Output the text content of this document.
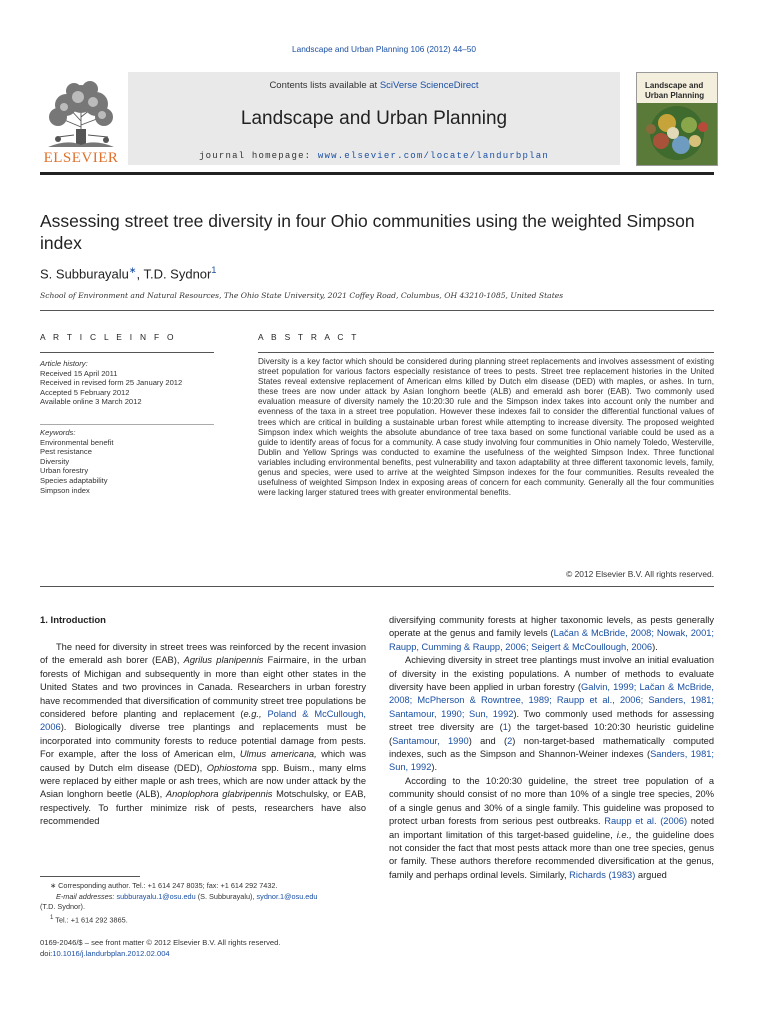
Landscape and Urban Planning 106 (2012) 44–50
Contents lists available at SciVerse ScienceDirect
Landscape and Urban Planning
journal homepage: www.elsevier.com/locate/landurbplan
ELSEVIER
Landscape and Urban Planning
Assessing street tree diversity in four Ohio communities using the weighted Simpson index
S. Subburayalu∗, T.D. Sydnor$^1$
School of Environment and Natural Resources, The Ohio State University, 2021 Coffey Road, Columbus, OH 43210-1085, United States
A R T I C L E I N F O	A B S T R A C T
Article history:
Received 15 April 2011
Received in revised form 25 January 2012
Accepted 5 February 2012
Available online 3 March 2012
Keywords:
Environmental benefit
Pest resistance
Diversity
Urban forestry
Species adaptability
Simpson index
Diversity is a key factor which should be considered during planning street replacements and involves assessment of existing street population for various factors especially resistance of trees to pests. Street tree replacement histories in the United States reveal extensive replacement of American elms killed by Dutch elm disease (DED) with maples, or ashes. In turn, these trees are now under attack by Asian longhorn beetle (ALB) and emerald ash borer (EAB). Two commonly used evaluation measure of diversity namely the 10:20:30 rule and the Simpson index takes into account only the number and evenness of the taxa in a street tree population. However these indexes fail to consider the differential functional values of trees which are critical in building a sustainable urban forest while attempting to increase diversity. The proposed weighted Simpson index which weights the absolute abundance of tree taxa based on some functional variable could be used as a guide to identify areas of focus for a community. A case study involving four communities in Ohio namely Toledo, Westerville, Dublin and Yellow Springs was conducted to examine the usefulness of the weighted Simpson Index. Three functional variables including environmental benefits, pest vulnerability and taxon adaptability at three different taxonomic levels, family, genus and species, were used to arrive at the weighted Simpson indexes for the four communities. Results revealed the usefulness of weighted Simpson Index in exposing areas of concern for each community. Generally all the four communities were lacking larger statured trees with greater environmental benefits.
© 2012 Elsevier B.V. All rights reserved.
1. Introduction

The need for diversity in street trees was reinforced by the recent invasion of the emerald ash borer (EAB), Agrilus planipennis Fairmaire, in the urban forests of Michigan and subsequently in more than eight other states in the United States and two provinces in Canada. Researchers in urban forestry have recommended that diversification of community street tree populations be considered before planting and replacement (e.g., Poland & McCullough, 2006). Biologically diverse tree plantings and replacements must be incorporated into community forests to reduce potential damage from pests. For example, after the loss of American elm, Ulmus americana, which was caused by Dutch elm disease (DED), Ophiostoma spp. Buism., many elms were replaced by either maple or ash trees, which are now under attack by the Asian longhorn beetle (ALB), Anoplophora glabripennis Motschulsky, or EAB, respectively. To further minimize risk of pests, researchers have also recommended

diversifying community forests at higher taxonomic levels, as pests generally operate at the genus and family levels (Lačan & McBride, 2008; Nowak, 2001; Raupp, Cumming & Raupp, 2006; Seigert & McCoullough, 2006).

Achieving diversity in street tree plantings must involve an initial evaluation of diversity in the existing populations. A number of methods to evaluate diversity have been applied in urban forestry (Galvin, 1999; Lačan & McBride, 2008; McPherson & Rowntree, 1989; Raupp et al., 2006; Sanders, 1981; Santamour, 1990; Sun, 1992). Two commonly used methods for assessing street tree diversity are (1) the target-based 10:20:30 heuristic guideline (Santamour, 1990) and (2) non-target-based mathematically computed indexes, such as the Simpson and Shannon-Weiner indexes (Sanders, 1981; Sun, 1992).

According to the 10:20:30 guideline, the street tree population of a community should consist of no more than 10% of a single tree species, 20% of a single genus and 30% of a single family. This guideline was proposed to protect urban forests from serious pest outbreaks. Raupp et al. (2006) noted an important limitation of this target-based guideline, i.e., the guideline does not consider the fact that most pests attack more than one tree species, genus or family. These authors therefore recommended diversification at the genus, family and perhaps ordinal levels. Similarly, Richards (1983) argued

∗ Corresponding author. Tel.: +1 614 247 8035; fax: +1 614 292 7432.
E-mail addresses: subburayalu.1@osu.edu (S. Subburayalu), sydnor.1@osu.edu
(T.D. Sydnor).
$^1$ Tel.: +1 614 292 3865.
0169-2046/$ – see front matter © 2012 Elsevier B.V. All rights reserved.
doi:10.1016/j.landurbplan.2012.02.004
